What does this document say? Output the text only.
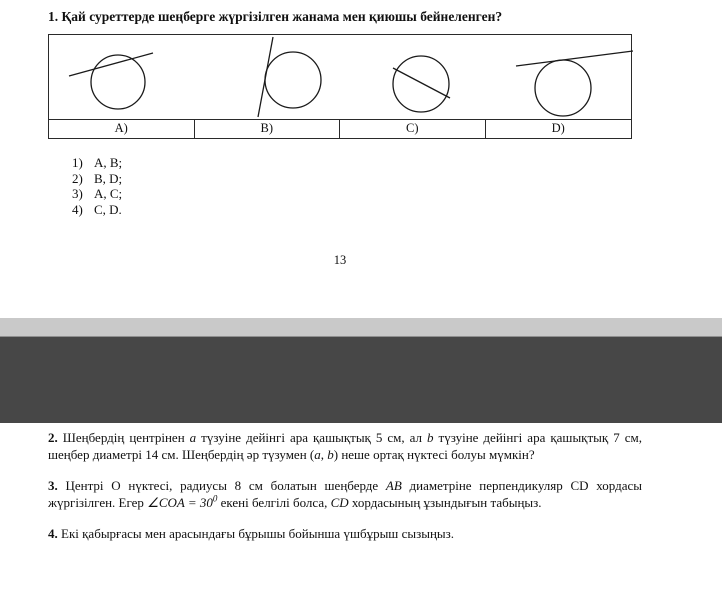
1. Қай суреттерде шеңберге жүргізілген жанама мен қиюшы бейнеленген?

A)	B)	C)	D)
1) A, B;
2) B, D;
3) A, C;
4) C, D.
13

2. Шеңбердің центрінен a түзуіне дейінгі ара қашықтық 5 см, ал b түзуіне дейінгі ара қашықтық 7 см, шеңбер диаметрі 14 см. Шеңбердің әр түзумен (a, b) неше ортақ нүктесі болуы мүмкін?

3. Центрі О нүктесі, радиусы 8 см болатын шеңберде AB диаметріне перпендикуляр CD хордасы жүргізілген. Егер ∠COA = $30^0$ екені белгілі болса, CD хордасының ұзындығын табыңыз.

4. Екі қабырғасы мен арасындағы бұрышы бойынша үшбұрыш сызыңыз.
